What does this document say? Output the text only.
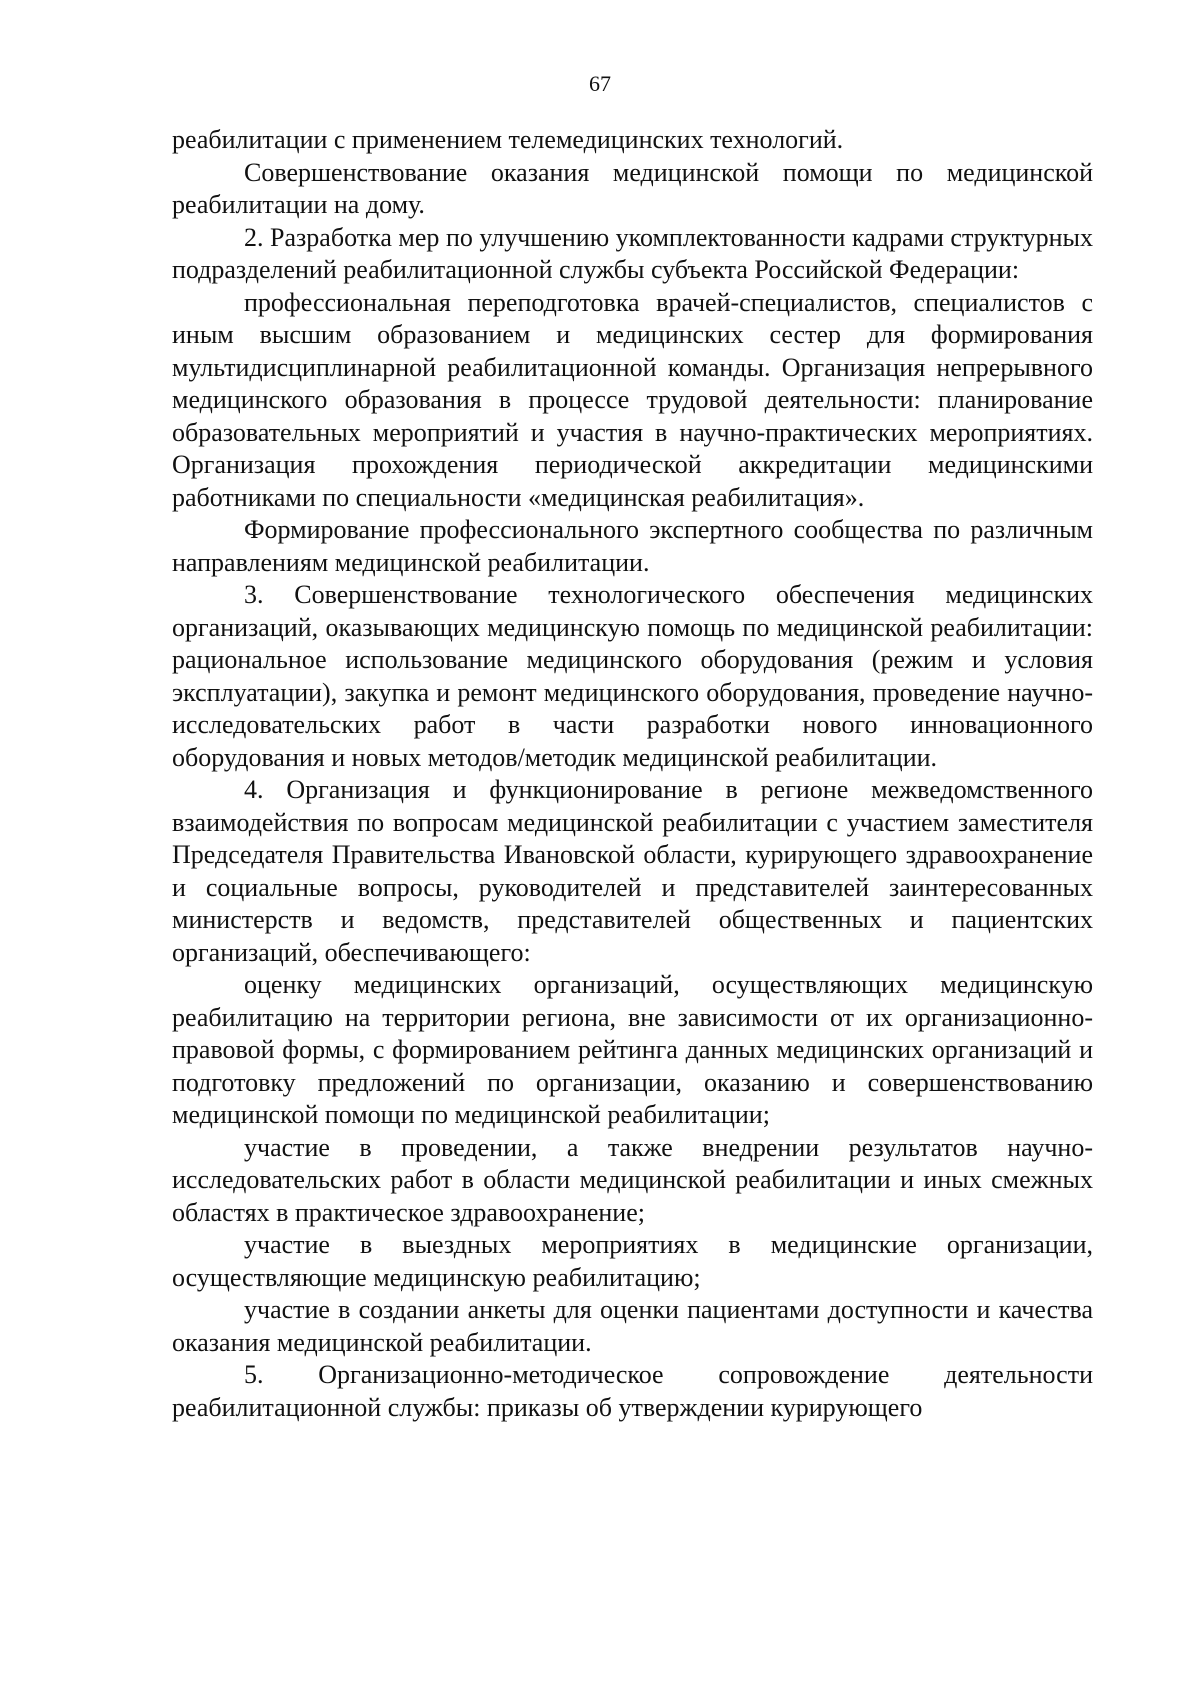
67

реабилитации с применением телемедицинских технологий.

Совершенствование оказания медицинской помощи по медицинской реабилитации на дому.

2. Разработка мер по улучшению укомплектованности кадрами структурных подразделений реабилитационной службы субъекта Российской Федерации:

профессиональная переподготовка врачей-специалистов, специалистов с иным высшим образованием и медицинских сестер для формирования мультидисциплинарной реабилитационной команды. Организация непрерывного медицинского образования в процессе трудовой деятельности: планирование образовательных мероприятий и участия в научно-практических мероприятиях. Организация прохождения периодической аккредитации медицинскими работниками по специальности «медицинская реабилитация».

Формирование профессионального экспертного сообщества по различным направлениям медицинской реабилитации.

3. Совершенствование технологического обеспечения медицинских организаций, оказывающих медицинскую помощь по медицинской реабилитации: рациональное использование медицинского оборудования (режим и условия эксплуатации), закупка и ремонт медицинского оборудования, проведение научно-исследовательских работ в части разработки нового инновационного оборудования и новых методов/методик медицинской реабилитации.

4. Организация и функционирование в регионе межведомственного взаимодействия по вопросам медицинской реабилитации с участием заместителя Председателя Правительства Ивановской области, курирующего здравоохранение и социальные вопросы, руководителей и представителей заинтересованных министерств и ведомств, представителей общественных и пациентских организаций, обеспечивающего:

оценку медицинских организаций, осуществляющих медицинскую реабилитацию на территории региона, вне зависимости от их организационно-правовой формы, с формированием рейтинга данных медицинских организаций и подготовку предложений по организации, оказанию и совершенствованию медицинской помощи по медицинской реабилитации;

участие в проведении, а также внедрении результатов научно-исследовательских работ в области медицинской реабилитации и иных смежных областях в практическое здравоохранение;

участие в выездных мероприятиях в медицинские организации, осуществляющие медицинскую реабилитацию;

участие в создании анкеты для оценки пациентами доступности и качества оказания медицинской реабилитации.

5. Организационно-методическое сопровождение деятельности реабилитационной службы: приказы об утверждении курирующего
